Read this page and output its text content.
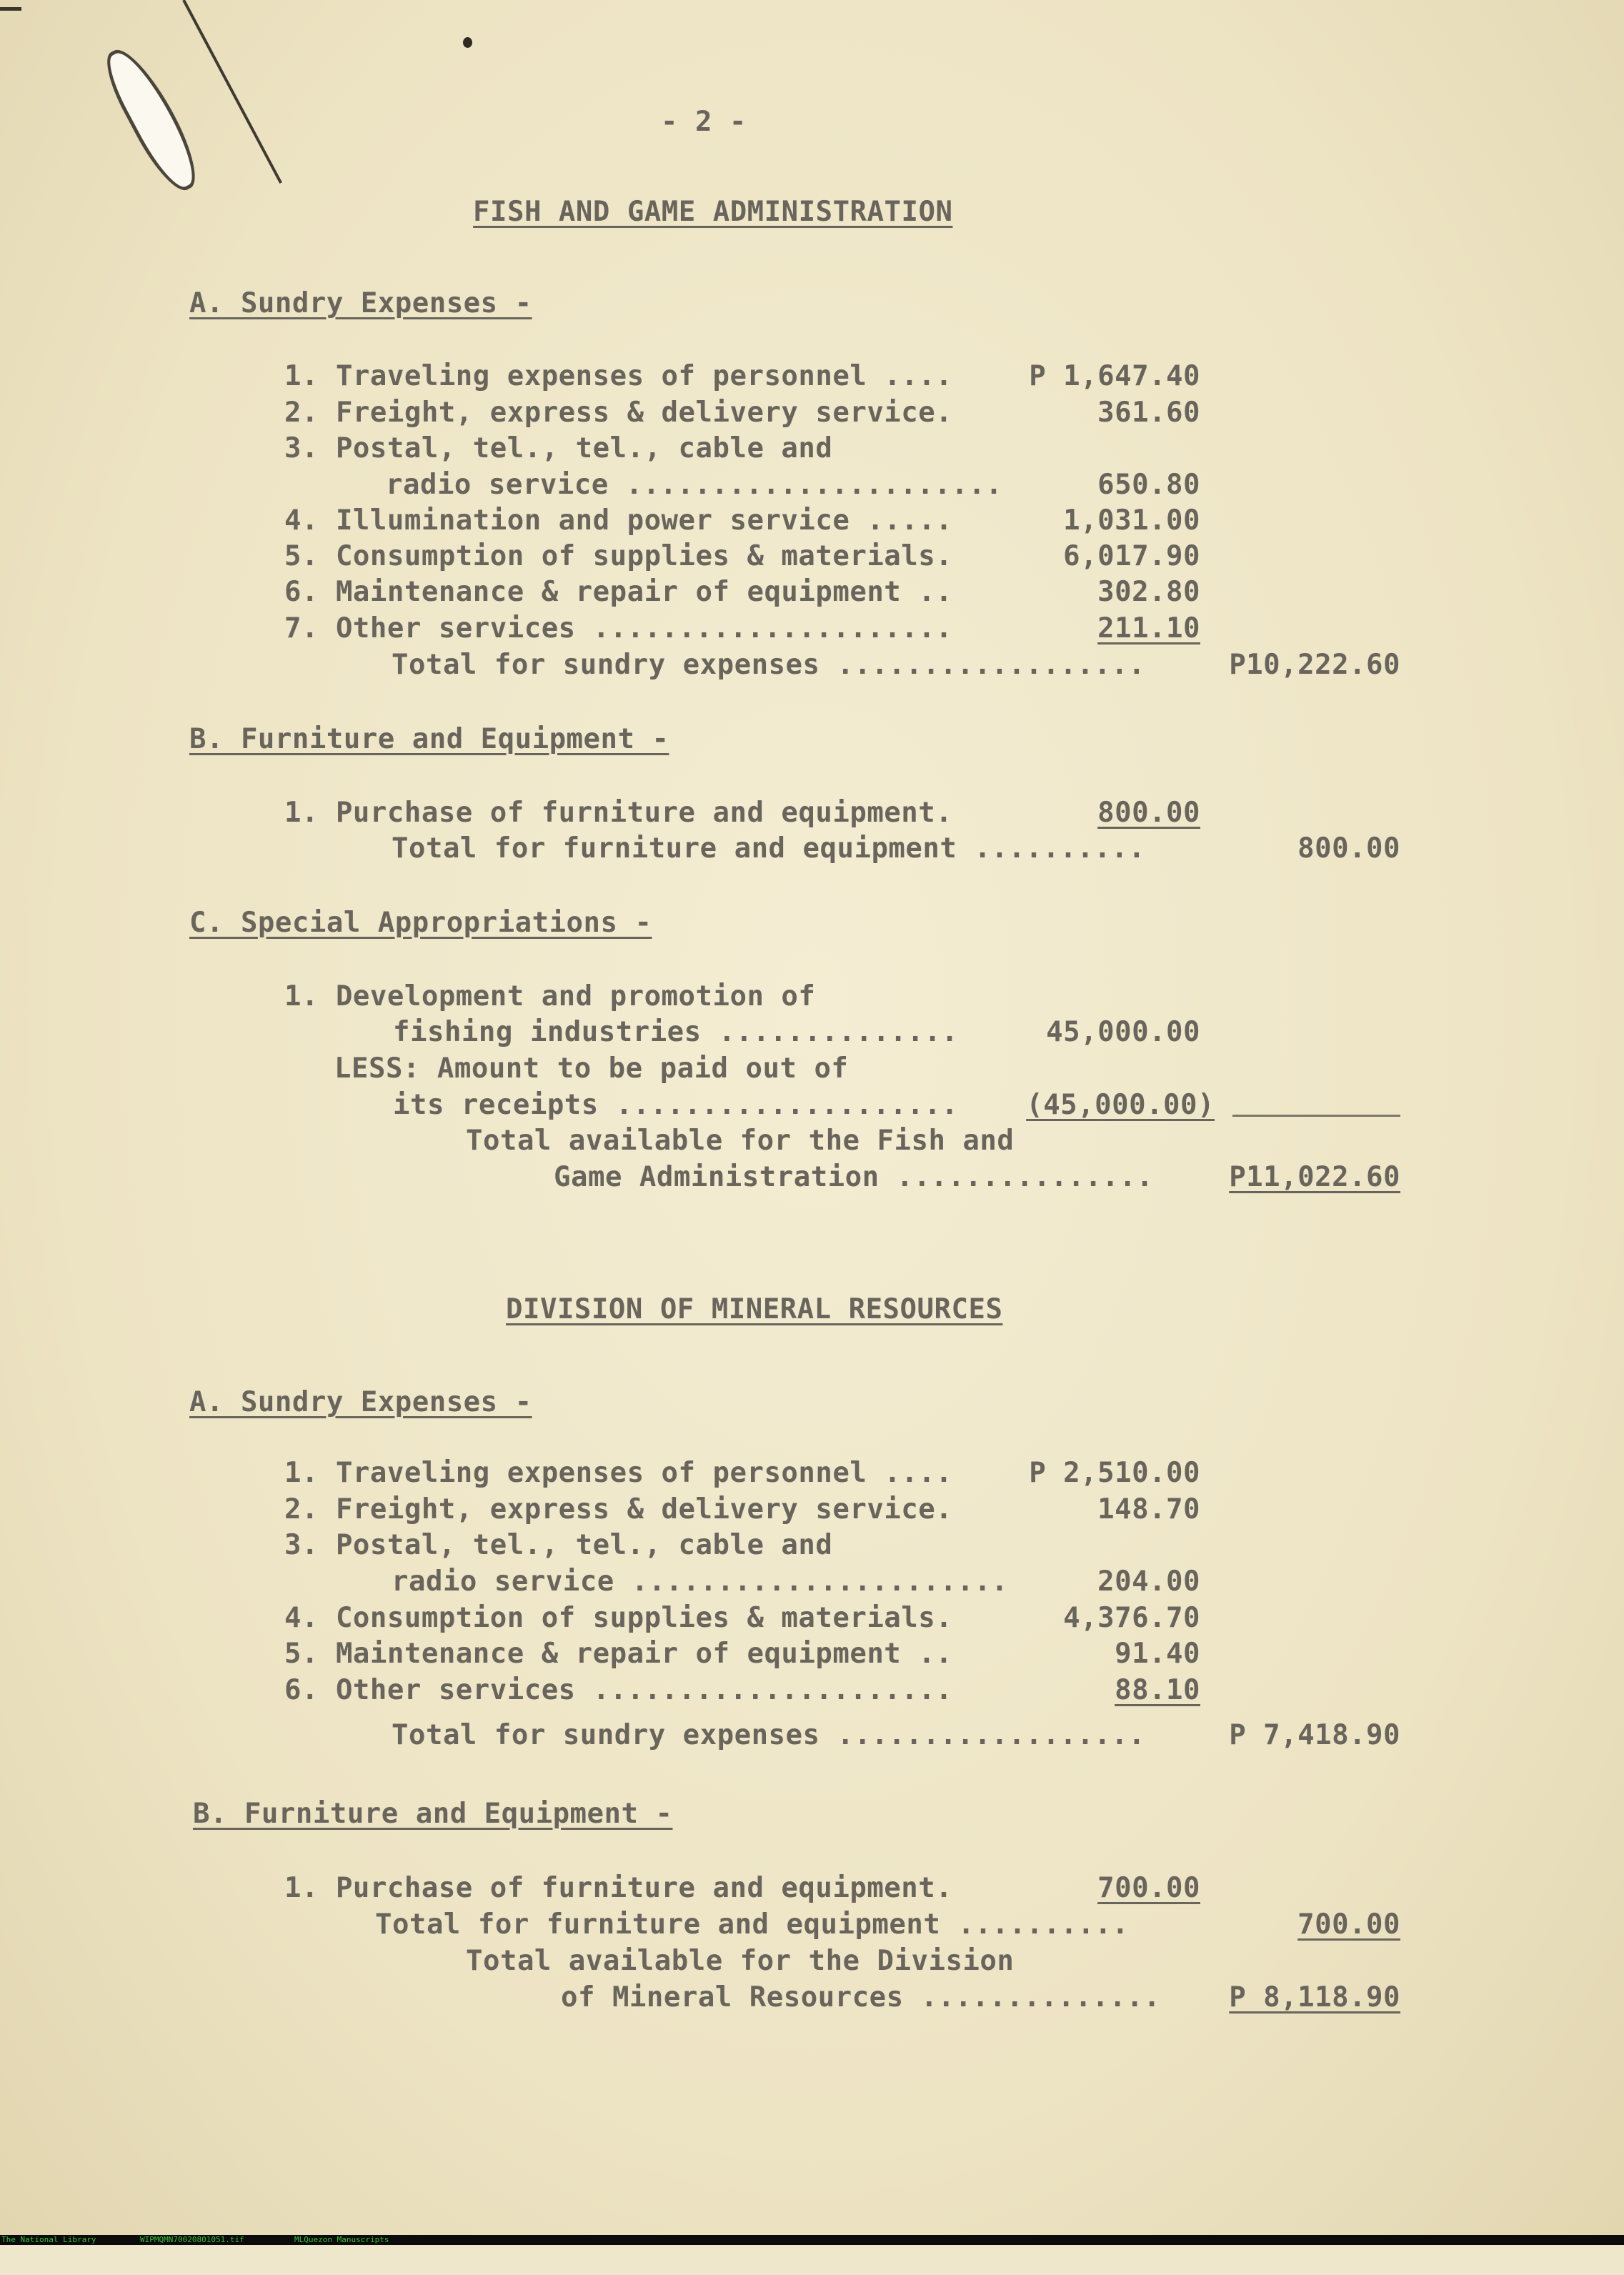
- 2 -
FISH AND GAME ADMINISTRATION
A. Sundry Expenses -
1. Traveling expenses of personnel ....	P 1,647.40
2. Freight, express & delivery service.	361.60
3. Postal, tel., tel., cable and
radio service ......................	650.80
4. Illumination and power service .....	1,031.00
5. Consumption of supplies & materials.	6,017.90
6. Maintenance & repair of equipment ..	302.80
7. Other services .....................	211.10
Total for sundry expenses ..................	P10,222.60
B. Furniture and Equipment -
1. Purchase of furniture and equipment.	800.00
Total for furniture and equipment ..........	800.00
C. Special Appropriations -
1. Development and promotion of
fishing industries ..............	45,000.00
LESS: Amount to be paid out of
its receipts ....................	(45,000.00)
Total available for the Fish and
Game Administration ...............	P11,022.60
DIVISION OF MINERAL RESOURCES
A. Sundry Expenses -
1. Traveling expenses of personnel ....	P 2,510.00
2. Freight, express & delivery service.	148.70
3. Postal, tel., tel., cable and
radio service ......................	204.00
4. Consumption of supplies & materials.	4,376.70
5. Maintenance & repair of equipment ..	91.40
6. Other services .....................	88.10
Total for sundry expenses ..................	P 7,418.90
B. Furniture and Equipment -
1. Purchase of furniture and equipment.	700.00
Total for furniture and equipment ..........	700.00
Total available for the Division
of Mineral Resources ..............	P 8,118.90

The National Library

	WIPMQMN70020801051.tif

	MLQuezon Manuscripts
